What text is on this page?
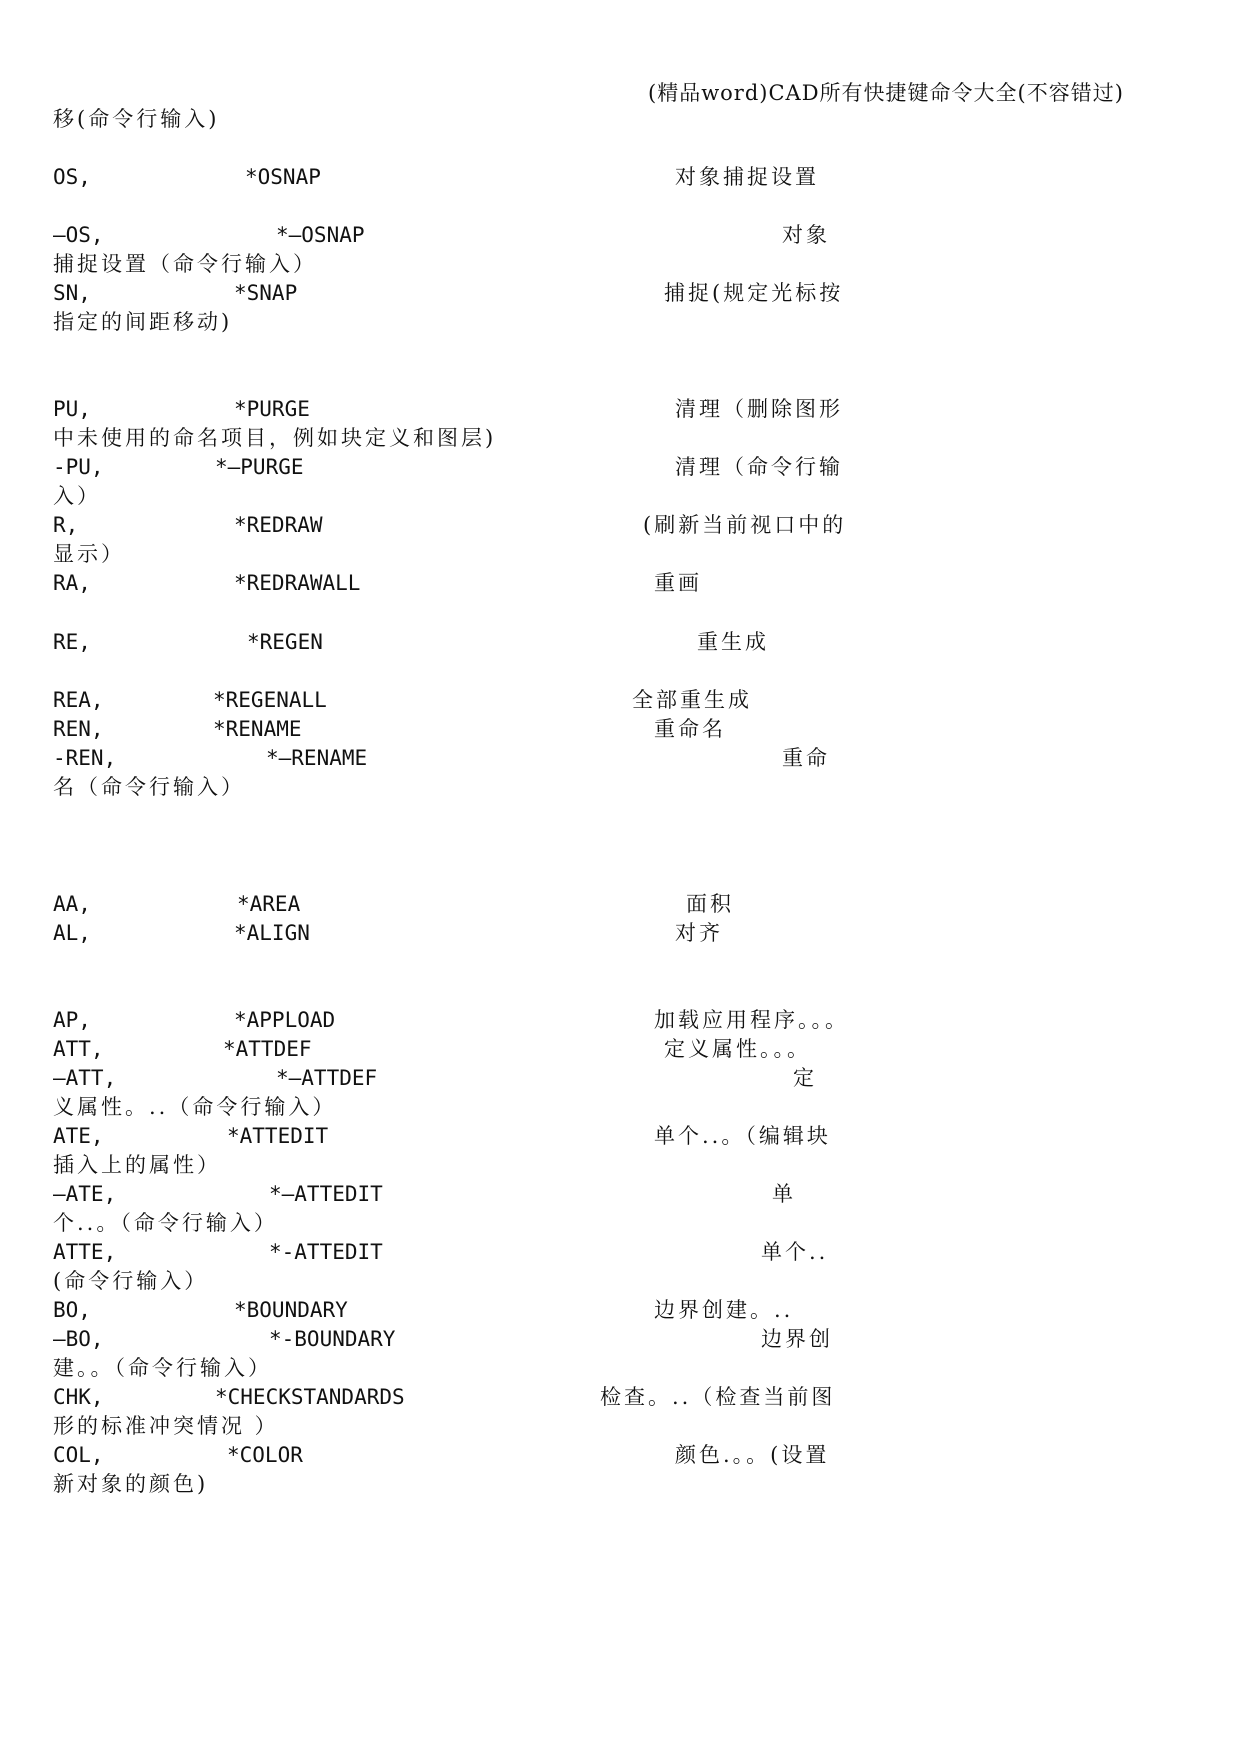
(精品word)CAD所有快捷键命令大全(不容错过)
移(命令行输入)
OS,	*OSNAP	对象捕捉设置
—OS,	*—OSNAP	对象
捕捉设置（命令行输入）
SN,	*SNAP	捕捉(规定光标按
指定的间距移动)
PU,	*PURGE	清理（删除图形
中未使用的命名项目，例如块定义和图层)
-PU,	*—PURGE	清理（命令行输
入）
R,	*REDRAW	(刷新当前视口中的
显示）
RA,	*REDRAWALL	重画
RE,	*REGEN	重生成
REA,	*REGENALL	全部重生成
REN,	*RENAME	重命名
-REN,	*—RENAME	重命
名（命令行输入）
AA,	*AREA	面积
AL,	*ALIGN	对齐
AP,	*APPLOAD	加载应用程序。。。
ATT,	*ATTDEF	定义属性。。。
—ATT,	*—ATTDEF	定
义属性。..（命令行输入）
ATE,	*ATTEDIT	单个..。（编辑块
插入上的属性）
—ATE,	*—ATTEDIT	单
个..。（命令行输入）
ATTE,	*-ATTEDIT	单个..
(命令行输入）
BO,	*BOUNDARY	边界创建。..
—BO,	*-BOUNDARY	边界创
建。。（命令行输入）
CHK,	*CHECKSTANDARDS	检查。..（检查当前图
形的标准冲突情况 ）
COL,	*COLOR	颜色.。。(设置
新对象的颜色)
